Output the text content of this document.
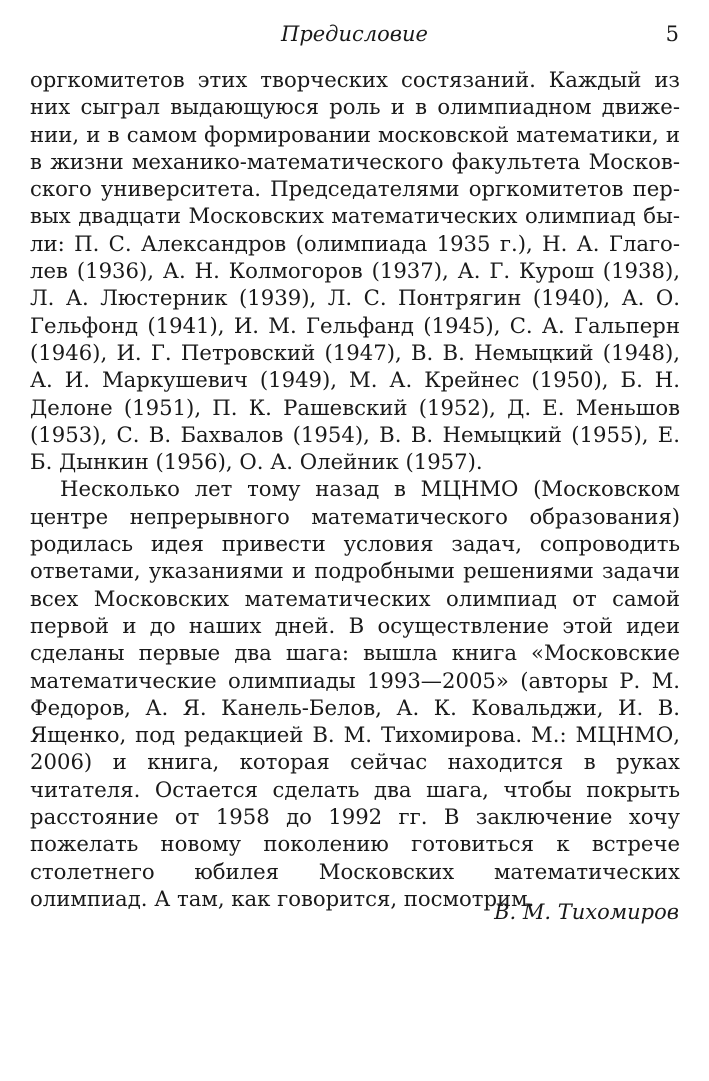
Предисловие	5

оргкомитетов этих творческих состязаний. Каждый из них сыграл выдающуюся роль и в олимпиадном движении, и в самом формировании московской математики, и в жизни механико-математического факультета Московского университета. Председателями оргкомитетов первых двадцати Московских математических олимпиад были: П. С. Александров (олимпиада 1935 г.), Н. А. Глаголев (1936), А. Н. Колмогоров (1937), А. Г. Курош (1938), Л. А. Люстерник (1939), Л. С. Понтрягин (1940), А. О. Гельфонд (1941), И. М. Гельфанд (1945), С. А. Гальперн (1946), И. Г. Петровский (1947), В. В. Немыцкий (1948), А. И. Маркушевич (1949), М. А. Крейнес (1950), Б. Н. Делоне (1951), П. К. Рашевский (1952), Д. Е. Меньшов (1953), С. В. Бахвалов (1954), В. В. Немыцкий (1955), Е. Б. Дынкин (1956), О. А. Олейник (1957).

Несколько лет тому назад в МЦНМО (Московском центре непрерывного математического образования) родилась идея привести условия задач, сопроводить ответами, указаниями и подробными решениями задачи всех Московских математических олимпиад от самой первой и до наших дней. В осуществление этой идеи сделаны первые два шага: вышла книга «Московские математические олимпиады 1993—2005» (авторы Р. М. Федоров, А. Я. Канель-Белов, А. К. Ковальджи, И. В. Ященко, под редакцией В. М. Тихомирова. М.: МЦНМО, 2006) и книга, которая сейчас находится в руках читателя. Остается сделать два шага, чтобы покрыть расстояние от 1958 до 1992 гг. В заключение хочу пожелать новому поколению готовиться к встрече столетнего юбилея Московских математических олимпиад. А там, как говорится, посмотрим.

В. М. Тихомиров
